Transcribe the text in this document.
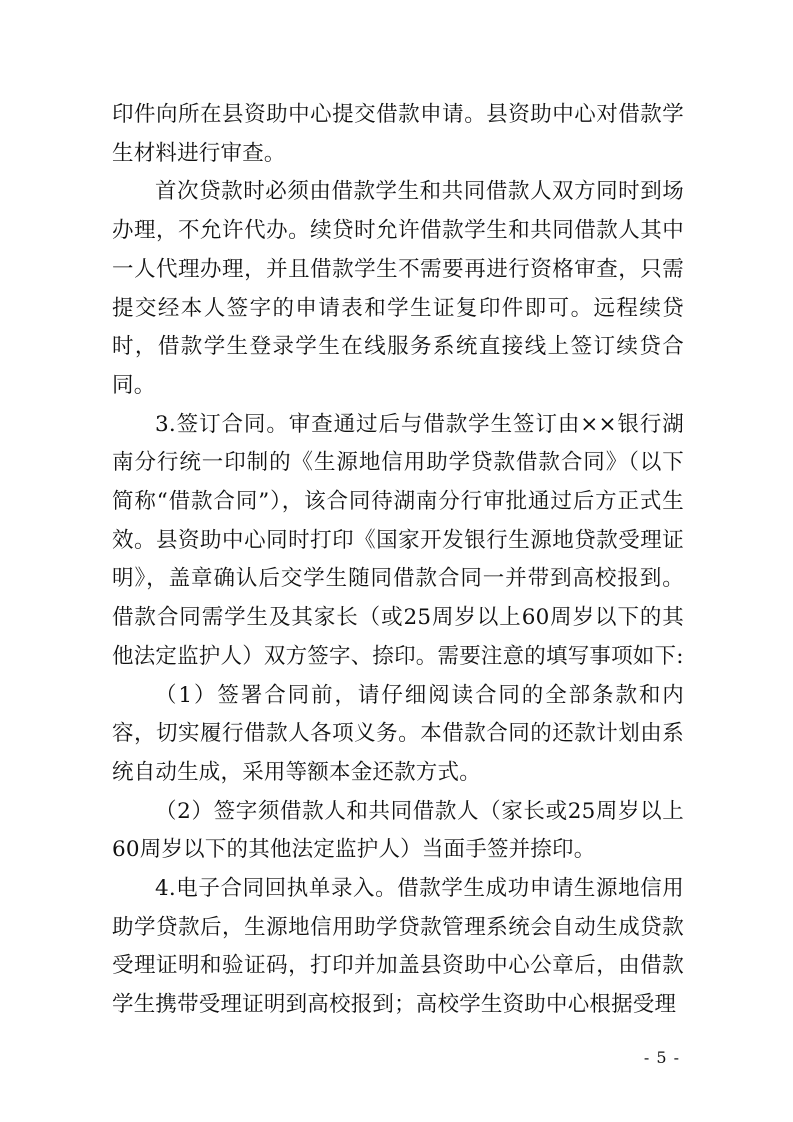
印件向所在县资助中心提交借款申请。县资助中心对借款学生材料进行审查。

首次贷款时必须由借款学生和共同借款人双方同时到场办理，不允许代办。续贷时允许借款学生和共同借款人其中一人代理办理，并且借款学生不需要再进行资格审查，只需提交经本人签字的申请表和学生证复印件即可。远程续贷时，借款学生登录学生在线服务系统直接线上签订续贷合同。

3.签订合同。审查通过后与借款学生签订由××银行湖南分行统一印制的《生源地信用助学贷款借款合同》（以下简称“借款合同”），该合同待湖南分行审批通过后方正式生效。县资助中心同时打印《国家开发银行生源地贷款受理证明》，盖章确认后交学生随同借款合同一并带到高校报到。借款合同需学生及其家长（或25周岁以上60周岁以下的其他法定监护人）双方签字、捺印。需要注意的填写事项如下:

（1）签署合同前，请仔细阅读合同的全部条款和内容，切实履行借款人各项义务。本借款合同的还款计划由系统自动生成，采用等额本金还款方式。

（2）签字须借款人和共同借款人（家长或25周岁以上60周岁以下的其他法定监护人）当面手签并捺印。

4.电子合同回执单录入。借款学生成功申请生源地信用助学贷款后，生源地信用助学贷款管理系统会自动生成贷款受理证明和验证码，打印并加盖县资助中心公章后，由借款学生携带受理证明到高校报到；高校学生资助中心根据受理

- 5 -
